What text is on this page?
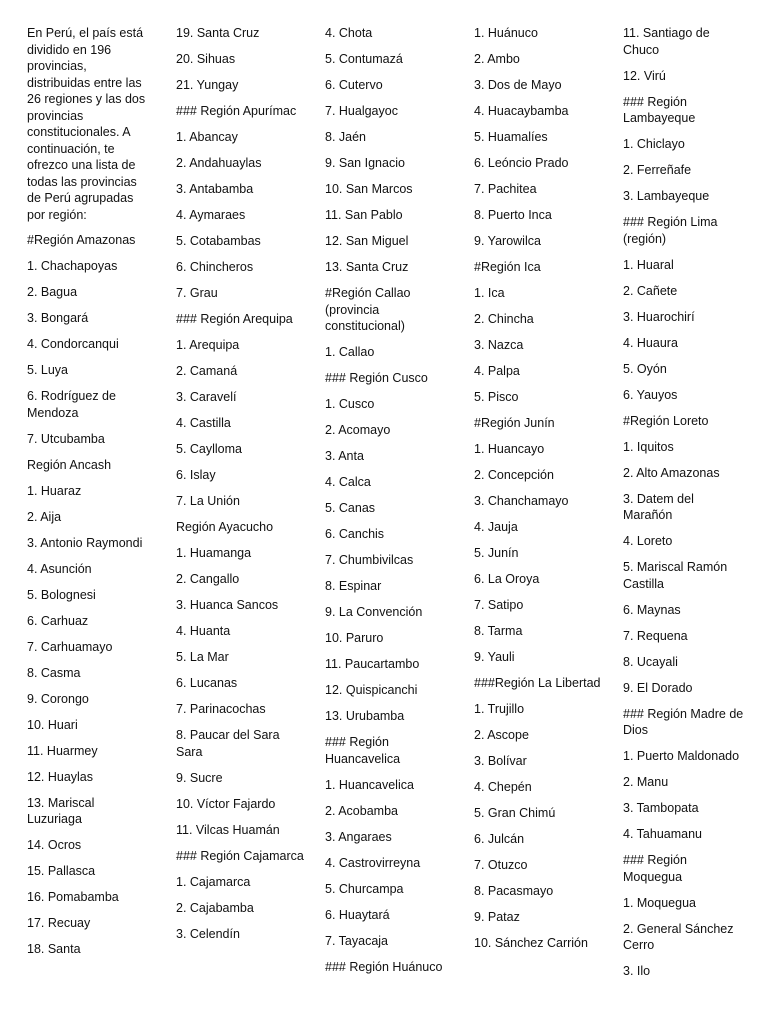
En Perú, el país está dividido en 196 provincias, distribuidas entre las 26 regiones y las dos provincias constitucionales. A continuación, te ofrezco una lista de todas las provincias de Perú agrupadas por región:
#Región Amazonas
1. Chachapoyas
2. Bagua
3. Bongará
4. Condorcanqui
5. Luya
6. Rodríguez de Mendoza
7. Utcubamba
Región Ancash
1. Huaraz
2. Aija
3. Antonio Raymondi
4. Asunción
5. Bolognesi
6. Carhuaz
7. Carhuamayo
8. Casma
9. Corongo
10. Huari
11. Huarmey
12. Huaylas
13. Mariscal Luzuriaga
14. Ocros
15. Pallasca
16. Pomabamba
17. Recuay
18. Santa
19. Santa Cruz
20. Sihuas
21. Yungay
### Región Apurímac
1. Abancay
2. Andahuaylas
3. Antabamba
4. Aymaraes
5. Cotabambas
6. Chincheros
7. Grau
### Región Arequipa
1. Arequipa
2. Camaná
3. Caravelí
4. Castilla
5. Caylloma
6. Islay
7. La Unión
Región Ayacucho
1. Huamanga
2. Cangallo
3. Huanca Sancos
4. Huanta
5. La Mar
6. Lucanas
7. Parinacochas
8. Paucar del Sara Sara
9. Sucre
10. Víctor Fajardo
11. Vilcas Huamán
### Región Cajamarca
1. Cajamarca
2. Cajabamba
3. Celendín
4. Chota
5. Contumazá
6. Cutervo
7. Hualgayoc
8. Jaén
9. San Ignacio
10. San Marcos
11. San Pablo
12. San Miguel
13. Santa Cruz
#Región Callao (provincia constitucional)
1. Callao
### Región Cusco
1. Cusco
2. Acomayo
3. Anta
4. Calca
5. Canas
6. Canchis
7. Chumbivilcas
8. Espinar
9. La Convención
10. Paruro
11. Paucartambo
12. Quispicanchi
13. Urubamba
### Región Huancavelica
1. Huancavelica
2. Acobamba
3. Angaraes
4. Castrovirreyna
5. Churcampa
6. Huaytará
7. Tayacaja
### Región Huánuco
1. Huánuco
2. Ambo
3. Dos de Mayo
4. Huacaybamba
5. Huamalíes
6. Leóncio Prado
7. Pachitea
8. Puerto Inca
9. Yarowilca
#Región Ica
1. Ica
2. Chincha
3. Nazca
4. Palpa
5. Pisco
#Región Junín
1. Huancayo
2. Concepción
3. Chanchamayo
4. Jauja
5. Junín
6. La Oroya
7. Satipo
8. Tarma
9. Yauli
###Región La Libertad
1. Trujillo
2. Ascope
3. Bolívar
4. Chepén
5. Gran Chimú
6. Julcán
7. Otuzco
8. Pacasmayo
9. Pataz
10. Sánchez Carrión
11. Santiago de Chuco
12. Virú
### Región Lambayeque
1. Chiclayo
2. Ferreñafe
3. Lambayeque
### Región Lima (región)
1. Huaral
2. Cañete
3. Huarochirí
4. Huaura
5. Oyón
6. Yauyos
#Región Loreto
1. Iquitos
2. Alto Amazonas
3. Datem del Marañón
4. Loreto
5. Mariscal Ramón Castilla
6. Maynas
7. Requena
8. Ucayali
9. El Dorado
### Región Madre de Dios
1. Puerto Maldonado
2. Manu
3. Tambopata
4. Tahuamanu
### Región Moquegua
1. Moquegua
2. General Sánchez Cerro
3. Ilo
